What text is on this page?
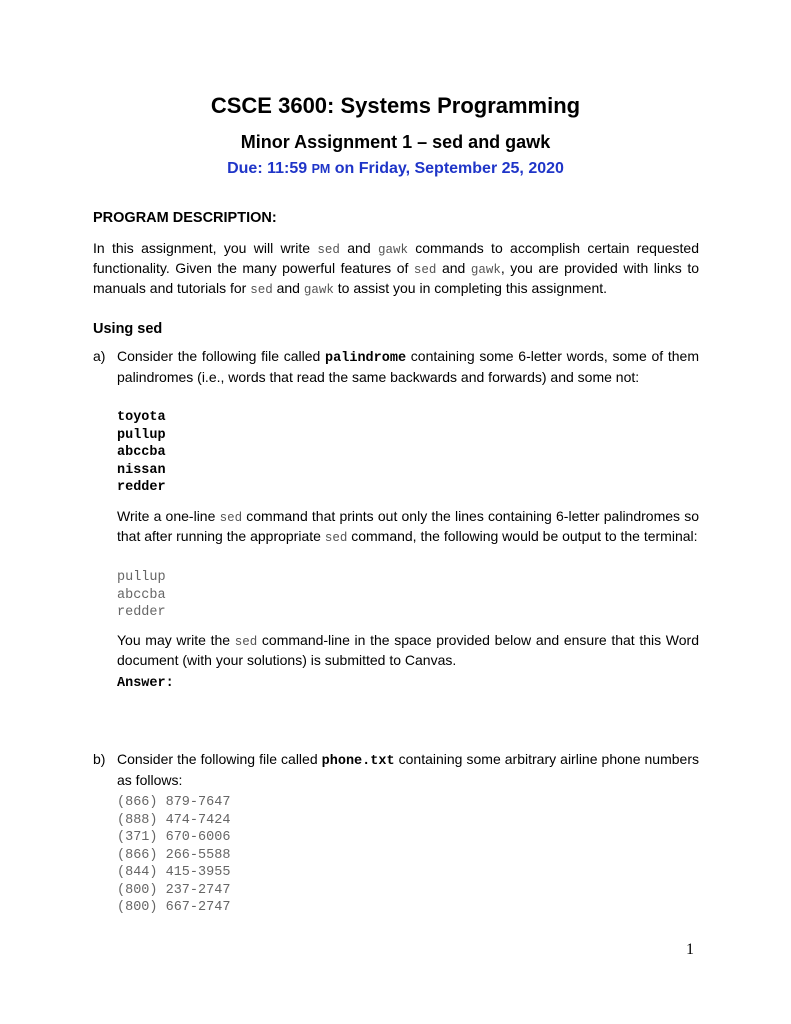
CSCE 3600: Systems Programming
Minor Assignment 1 – sed and gawk

Due: 11:59 PM on Friday, September 25, 2020

PROGRAM DESCRIPTION:

In this assignment, you will write sed and gawk commands to accomplish certain requested functionality. Given the many powerful features of sed and gawk, you are provided with links to manuals and tutorials for sed and gawk to assist you in completing this assignment.

Using sed

a) Consider the following file called palindrome containing some 6-letter words, some of them palindromes (i.e., words that read the same backwards and forwards) and some not:
toyota
pullup
abccba
nissan
redder
Write a one-line sed command that prints out only the lines containing 6-letter palindromes so that after running the appropriate sed command, the following would be output to the terminal:
pullup
abccba
redder
You may write the sed command-line in the space provided below and ensure that this Word document (with your solutions) is submitted to Canvas.
Answer:
b) Consider the following file called phone.txt containing some arbitrary airline phone numbers as follows:
(866) 879-7647
(888) 474-7424
(371) 670-6006
(866) 266-5588
(844) 415-3955
(800) 237-2747
(800) 667-2747
1
